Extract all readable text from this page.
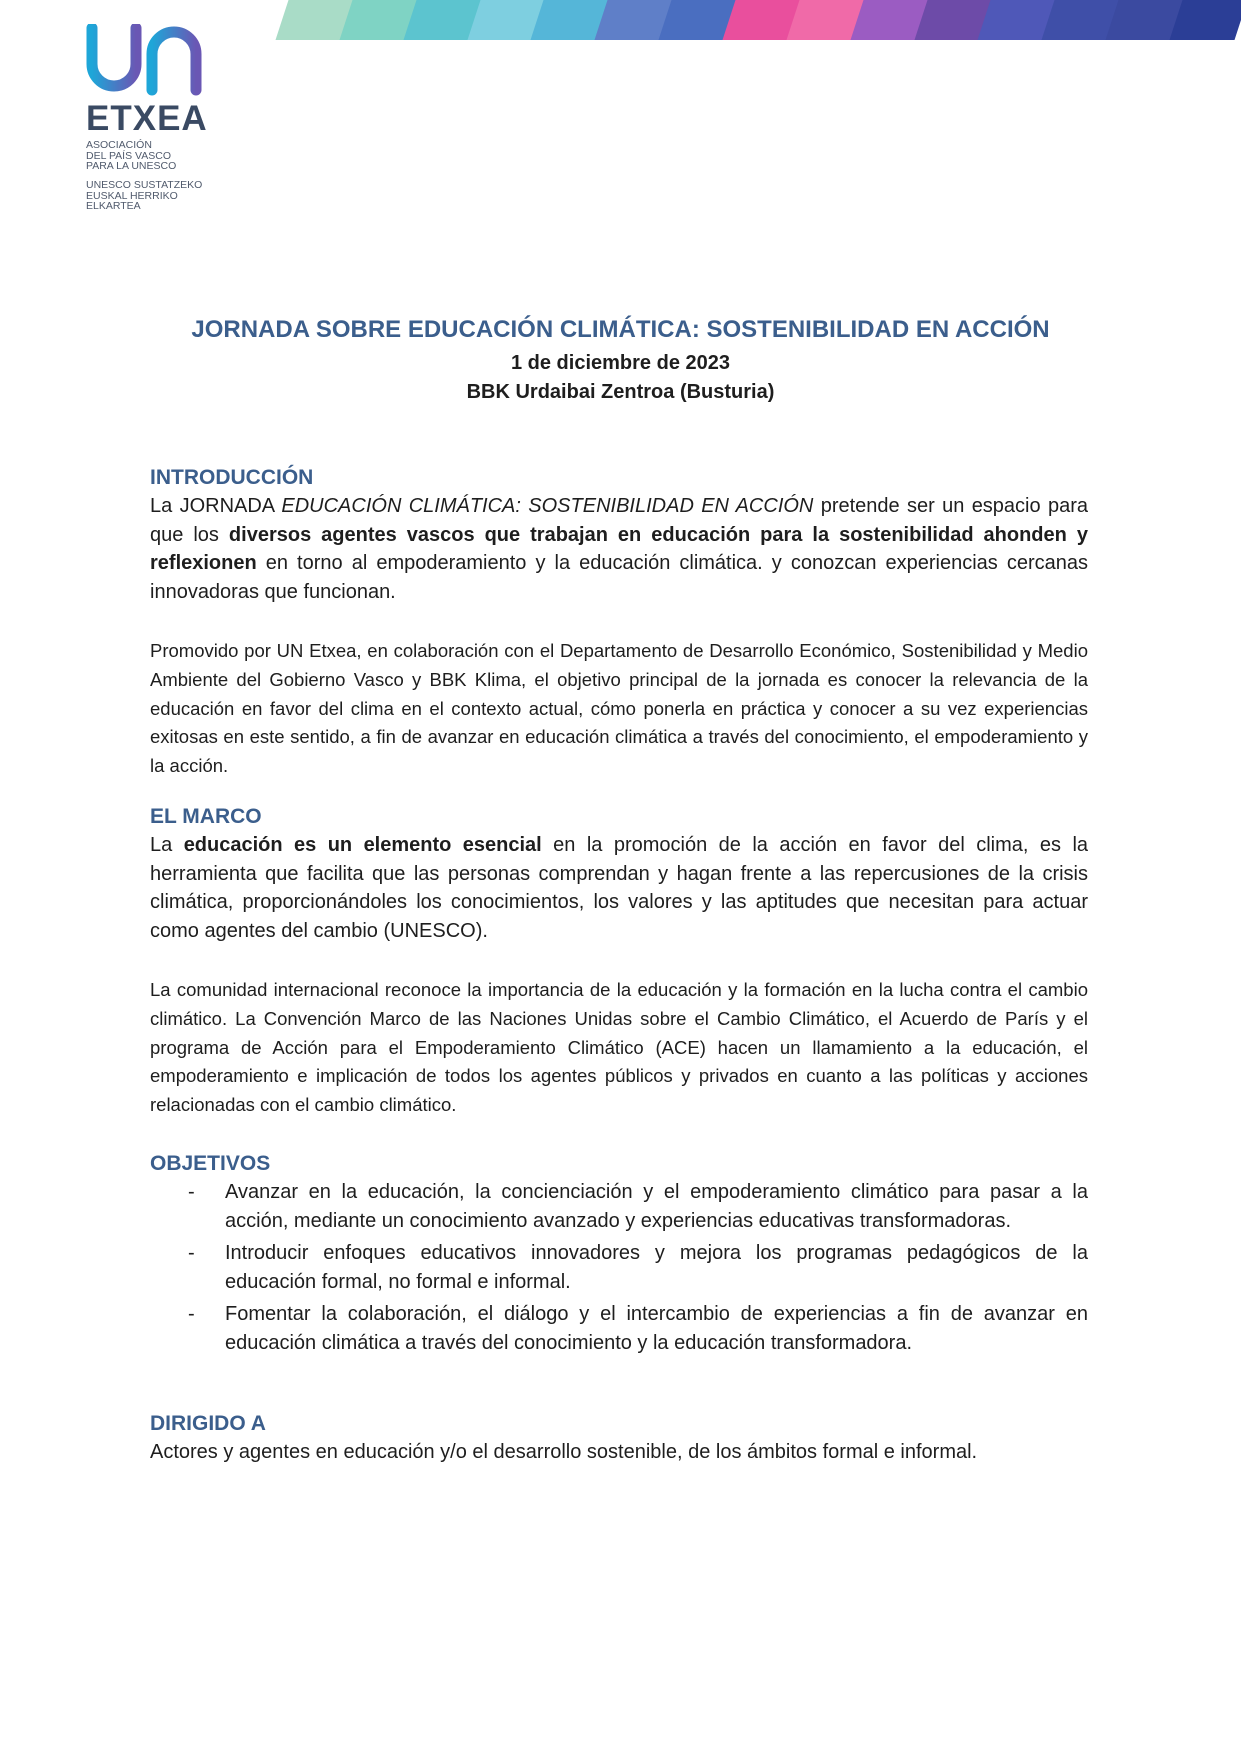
ETXEA
ASOCIACIÓN
DEL PAÍS VASCO
PARA LA UNESCO
UNESCO SUSTATZEKO
EUSKAL HERRIKO
ELKARTEA
JORNADA SOBRE EDUCACIÓN CLIMÁTICA: SOSTENIBILIDAD EN ACCIÓN
1 de diciembre de 2023
BBK Urdaibai Zentroa (Busturia)
INTRODUCCIÓN

La JORNADA EDUCACIÓN CLIMÁTICA: SOSTENIBILIDAD EN ACCIÓN pretende ser un espacio para que los diversos agentes vascos que trabajan en educación para la sostenibilidad ahonden y reflexionen en torno al empoderamiento y la educación climática. y conozcan experiencias cercanas innovadoras que funcionan.

Promovido por UN Etxea, en colaboración con el Departamento de Desarrollo Económico, Sostenibilidad y Medio Ambiente del Gobierno Vasco y BBK Klima, el objetivo principal de la jornada es conocer la relevancia de la educación en favor del clima en el contexto actual, cómo ponerla en práctica y conocer a su vez experiencias exitosas en este sentido, a fin de avanzar en educación climática a través del conocimiento, el empoderamiento y la acción.

EL MARCO

La educación es un elemento esencial en la promoción de la acción en favor del clima, es la herramienta que facilita que las personas comprendan y hagan frente a las repercusiones de la crisis climática, proporcionándoles los conocimientos, los valores y las aptitudes que necesitan para actuar como agentes del cambio (UNESCO).

La comunidad internacional reconoce la importancia de la educación y la formación en la lucha contra el cambio climático. La Convención Marco de las Naciones Unidas sobre el Cambio Climático, el Acuerdo de París y el programa de Acción para el Empoderamiento Climático (ACE) hacen un llamamiento a la educación, el empoderamiento e implicación de todos los agentes públicos y privados en cuanto a las políticas y acciones relacionadas con el cambio climático.

OBJETIVOS
- Avanzar en la educación, la concienciación y el empoderamiento climático para pasar a la acción, mediante un conocimiento avanzado y experiencias educativas transformadoras.
- Introducir enfoques educativos innovadores y mejora los programas pedagógicos de la educación formal, no formal e informal.
- Fomentar la colaboración, el diálogo y el intercambio de experiencias a fin de avanzar en educación climática a través del conocimiento y la educación transformadora.
DIRIGIDO A

Actores y agentes en educación y/o el desarrollo sostenible, de los ámbitos formal e informal.
